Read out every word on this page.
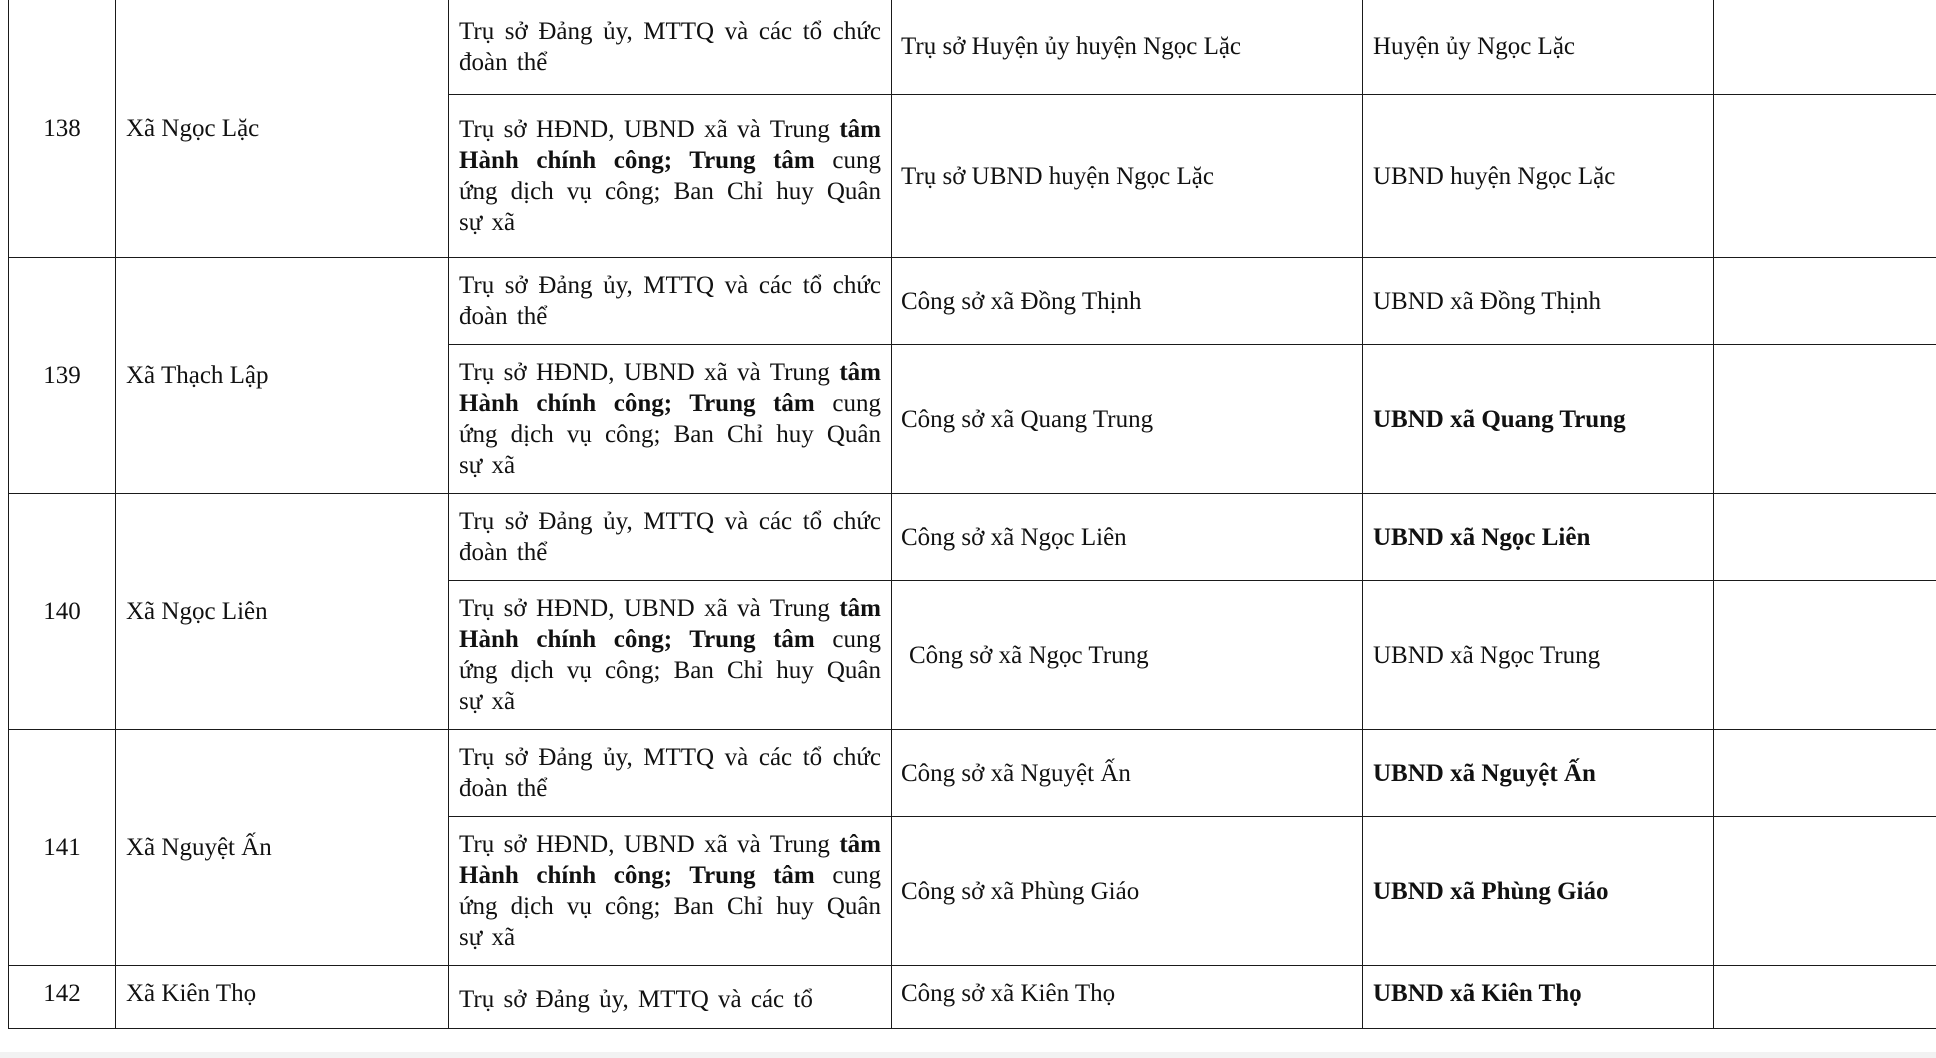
138	Xã Ngọc Lặc	Trụ sở Đảng ủy, MTTQ và các tổ chức đoàn thể	Trụ sở Huyện ủy huyện Ngọc Lặc	Huyện ủy Ngọc Lặc	

		Trụ sở HĐND, UBND xã và Trung tâm Hành chính công; Trung tâm cung ứng dịch vụ công; Ban Chỉ huy Quân sự xã	Trụ sở UBND huyện Ngọc Lặc	UBND huyện Ngọc Lặc	
139	Xã Thạch Lập	Trụ sở Đảng ủy, MTTQ và các tổ chức đoàn thể	Công sở xã Đồng Thịnh	UBND xã Đồng Thịnh	

		Trụ sở HĐND, UBND xã và Trung tâm Hành chính công; Trung tâm cung ứng dịch vụ công; Ban Chỉ huy Quân sự xã	Công sở xã Quang Trung	UBND xã Quang Trung	
140	Xã Ngọc Liên	Trụ sở Đảng ủy, MTTQ và các tổ chức đoàn thể	Công sở xã Ngọc Liên	UBND xã Ngọc Liên	

		Trụ sở HĐND, UBND xã và Trung tâm Hành chính công; Trung tâm cung ứng dịch vụ công; Ban Chỉ huy Quân sự xã	Công sở xã Ngọc Trung	UBND xã Ngọc Trung	
141	Xã Nguyệt Ấn	Trụ sở Đảng ủy, MTTQ và các tổ chức đoàn thể	Công sở xã Nguyệt Ấn	UBND xã Nguyệt Ấn	

		Trụ sở HĐND, UBND xã và Trung tâm Hành chính công; Trung tâm cung ứng dịch vụ công; Ban Chỉ huy Quân sự xã	Công sở xã Phùng Giáo	UBND xã Phùng Giáo	

142	Xã Kiên Thọ	Trụ sở Đảng ủy, MTTQ và các tổ	Công sở xã Kiên Thọ	UBND xã Kiên Thọ	
